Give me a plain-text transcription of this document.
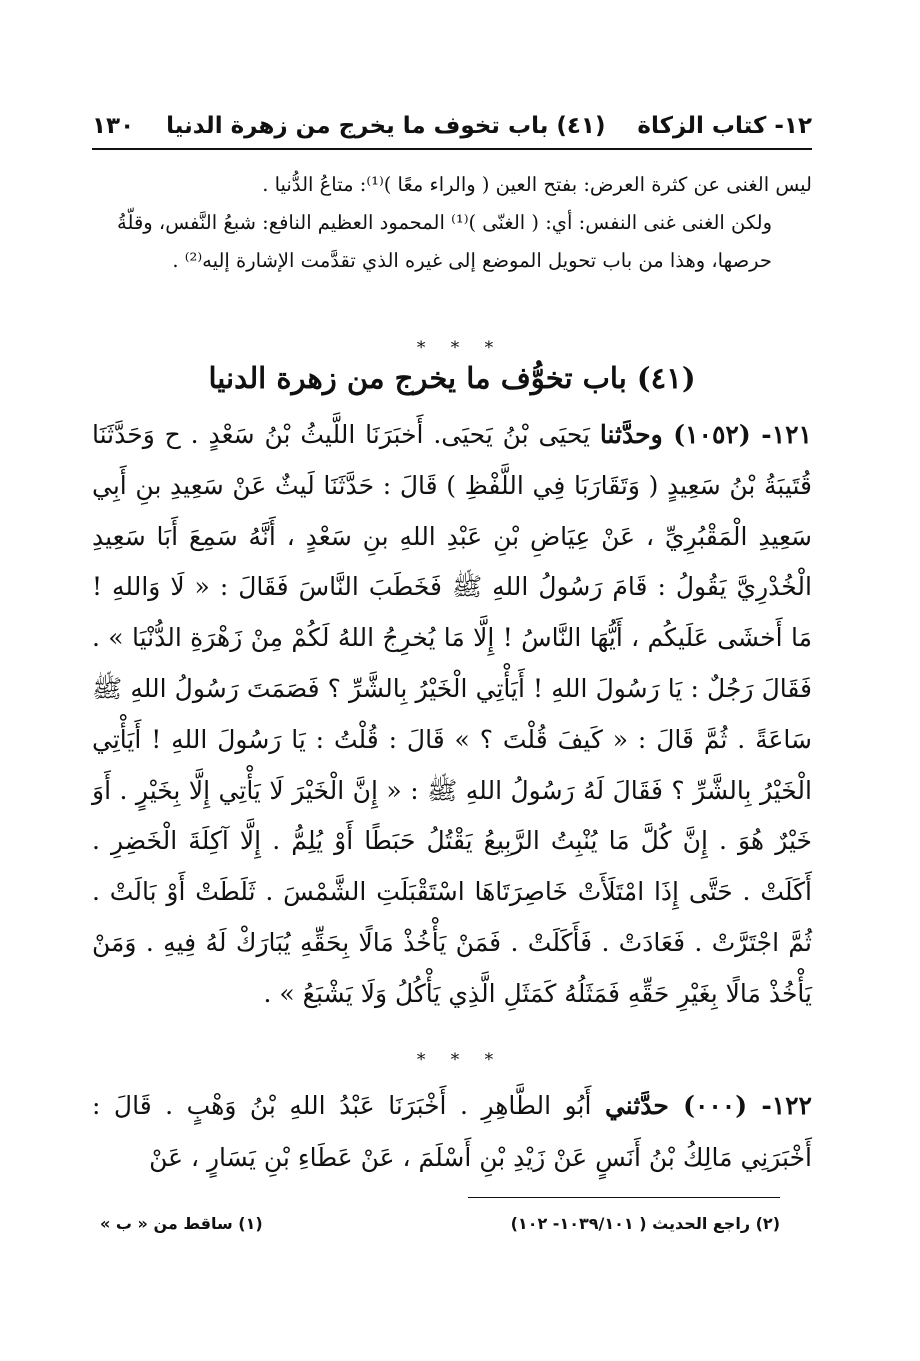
١٣٠ (٤١) باب تخوف ما يخرج من زهرة الدنيا ١٢- كتاب الزكاة

ليس الغنى عن كثرة العرض: بفتح العين ( والراء معًا )⁽¹⁾: متاعُ الدُّنيا .

ولكن الغنى غنى النفس: أي: ( الغنّى )⁽¹⁾ المحمود العظيم النافع: شبعُ النَّفس، وقلّةُ حرصها، وهذا من باب تحويل الموضع إلى غيره الذي تقدَّمت الإشارة إليه⁽²⁾ .

* * *
(٤١) باب تخوُّف ما يخرج من زهرة الدنيا

١٢١- (١٠٥٢) وحدَّثنا يَحيَى بْنُ يَحيَى. أَخبَرَنَا اللَّيثُ بْنُ سَعْدٍ . ح وَحَدَّثَنَا قُتَيبَةُ بْنُ سَعِيدٍ ( وَتَقَارَبَا فِي اللَّفْظِ ) قَالَ : حَدَّثَنَا لَيثٌ عَنْ سَعِيدِ بنِ أَبِي سَعِيدِ الْمَقْبُرِيِّ ، عَنْ عِيَاضِ بْنِ عَبْدِ اللهِ بنِ سَعْدٍ ، أَنَّهُ سَمِعَ أَبَا سَعِيدِ الْخُدْرِيَّ يَقُولُ : قَامَ رَسُولُ اللهِ ﷺ فَخَطَبَ النَّاسَ فَقَالَ : « لَا وَاللهِ ! مَا أَخشَى عَلَيكُم ، أَيُّهَا النَّاسُ ! إِلَّا مَا يُخرِجُ اللهُ لَكُمْ مِنْ زَهْرَةِ الدُّنْيَا » . فَقَالَ رَجُلٌ : يَا رَسُولَ اللهِ ! أَيَأْتِي الْخَيْرُ بِالشَّرِّ ؟ فَصَمَتَ رَسُولُ اللهِ ﷺ سَاعَةً . ثُمَّ قَالَ : « كَيفَ قُلْتَ ؟ » قَالَ : قُلْتُ : يَا رَسُولَ اللهِ ! أَيَأْتِي الْخَيْرُ بِالشَّرِّ ؟ فَقَالَ لَهُ رَسُولُ اللهِ ﷺ : « إِنَّ الْخَيْرَ لَا يَأْتِي إِلَّا بِخَيْرٍ . أَوَ خَيْرٌ هُوَ . إِنَّ كُلَّ مَا يُنْبِتُ الرَّبِيعُ يَقْتُلُ حَبَطًا أَوْ يُلِمُّ . إِلَّا آكِلَةَ الْخَضِرِ . أَكَلَتْ . حَتَّى إِذَا امْتَلَأَتْ خَاصِرَتَاهَا اسْتَقْبَلَتِ الشَّمْسَ . ثَلَطَتْ أَوْ بَالَتْ . ثُمَّ اجْتَرَّتْ . فَعَادَتْ . فَأَكَلَتْ . فَمَنْ يَأْخُذْ مَالًا بِحَقِّهِ يُبَارَكْ لَهُ فِيهِ . وَمَنْ يَأْخُذْ مَالًا بِغَيْرِ حَقِّهِ فَمَثَلُهُ كَمَثَلِ الَّذِي يَأْكُلُ وَلَا يَشْبَعُ » .

* * *

١٢٢- (٠٠٠) حدَّثني أَبُو الطَّاهِرِ . أَخْبَرَنَا عَبْدُ اللهِ بْنُ وَهْبٍ . قَالَ : أَخْبَرَنِي مَالِكُ بْنُ أَنَسٍ عَنْ زَيْدِ بْنِ أَسْلَمَ ، عَنْ عَطَاءِ بْنِ يَسَارٍ ، عَنْ

(١) ساقط من « ب »	(٢) راجع الحديث ( ١٠٣٩/١٠١- ١٠٢)
